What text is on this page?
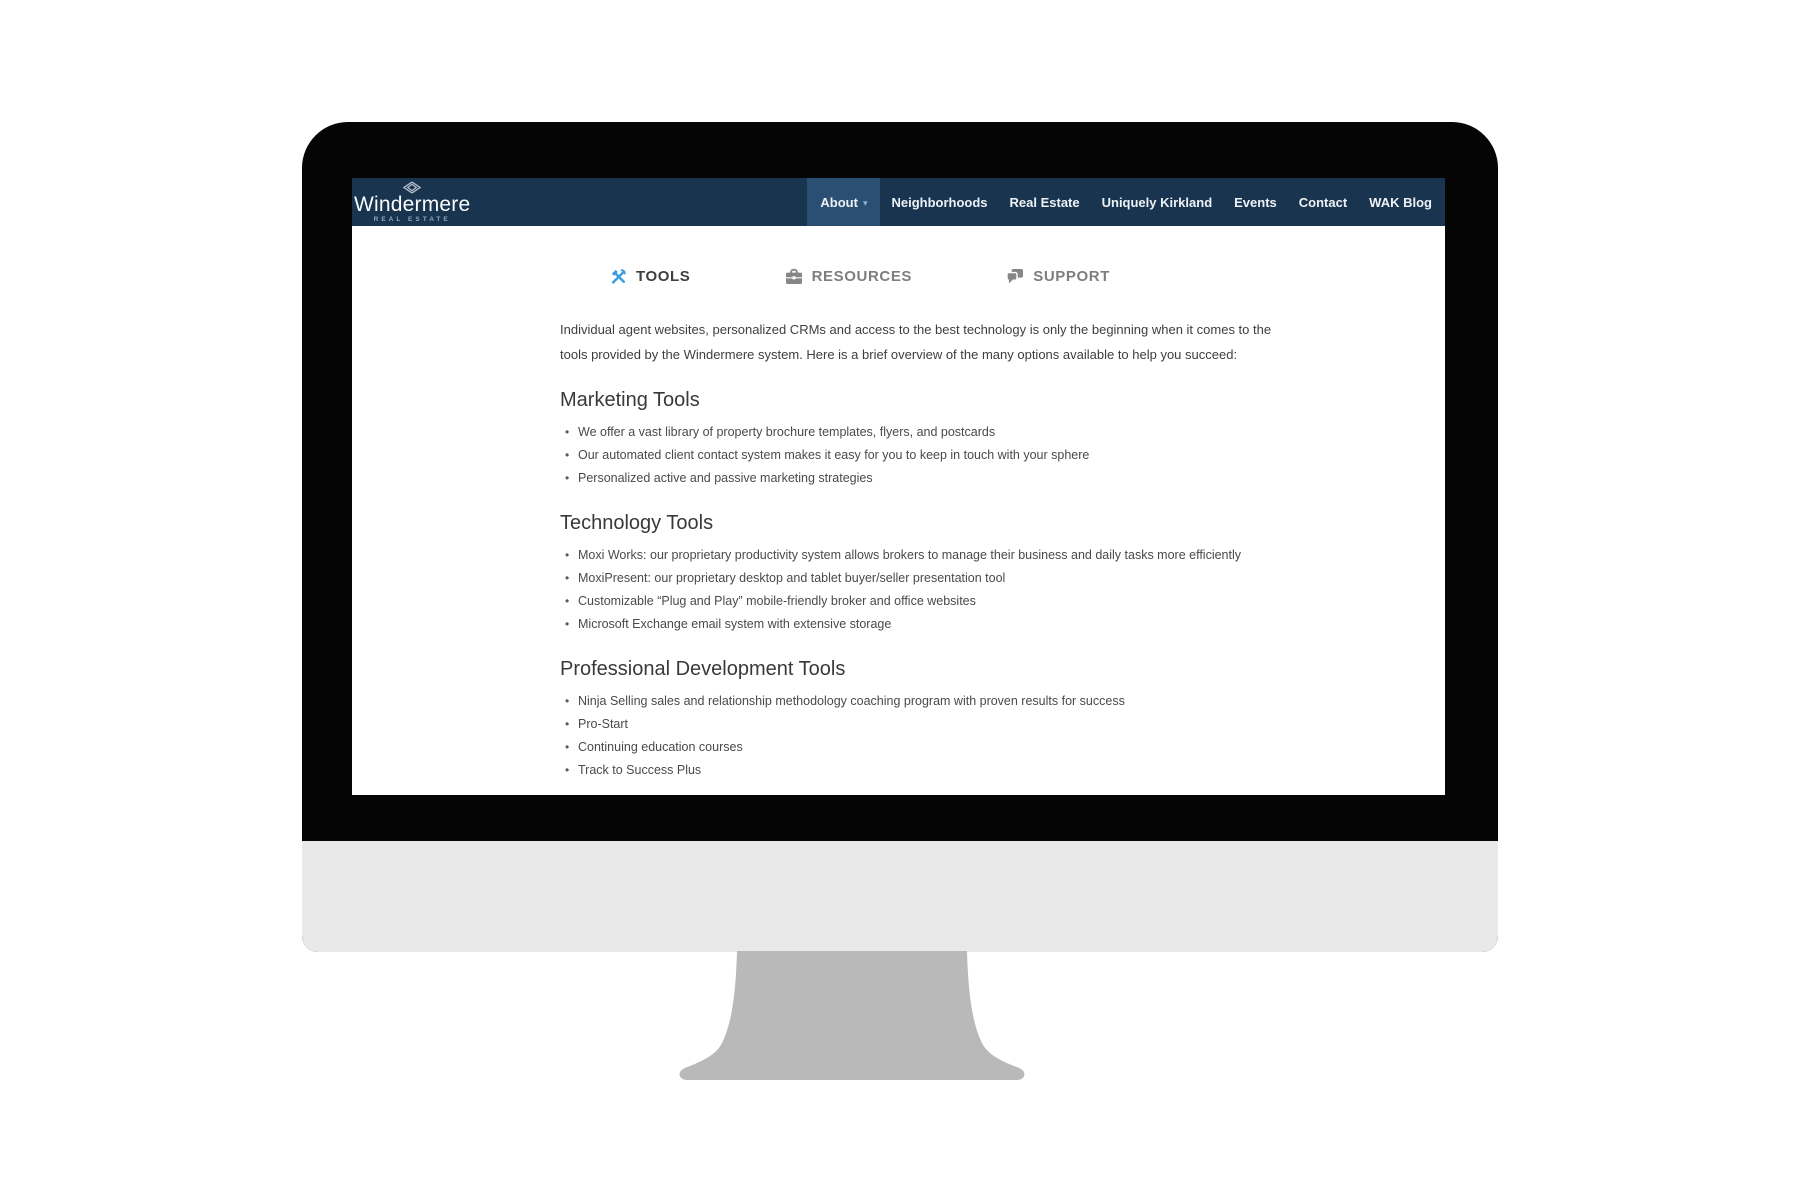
Windermere
REAL ESTATE
About ▾ Neighborhoods Real Estate Uniquely Kirkland Events Contact WAK Blog
TOOLS	RESOURCES	SUPPORT

Individual agent websites, personalized CRMs and access to the best technology is only the beginning when it comes to the tools provided by the Windermere system. Here is a brief overview of the many options available to help you succeed:

Marketing Tools
• We offer a vast library of property brochure templates, flyers, and postcards
• Our automated client contact system makes it easy for you to keep in touch with your sphere
• Personalized active and passive marketing strategies
Technology Tools
• Moxi Works: our proprietary productivity system allows brokers to manage their business and daily tasks more efficiently
• MoxiPresent: our proprietary desktop and tablet buyer/seller presentation tool
• Customizable “Plug and Play” mobile-friendly broker and office websites
• Microsoft Exchange email system with extensive storage
Professional Development Tools
• Ninja Selling sales and relationship methodology coaching program with proven results for success
• Pro-Start
• Continuing education courses
• Track to Success Plus
